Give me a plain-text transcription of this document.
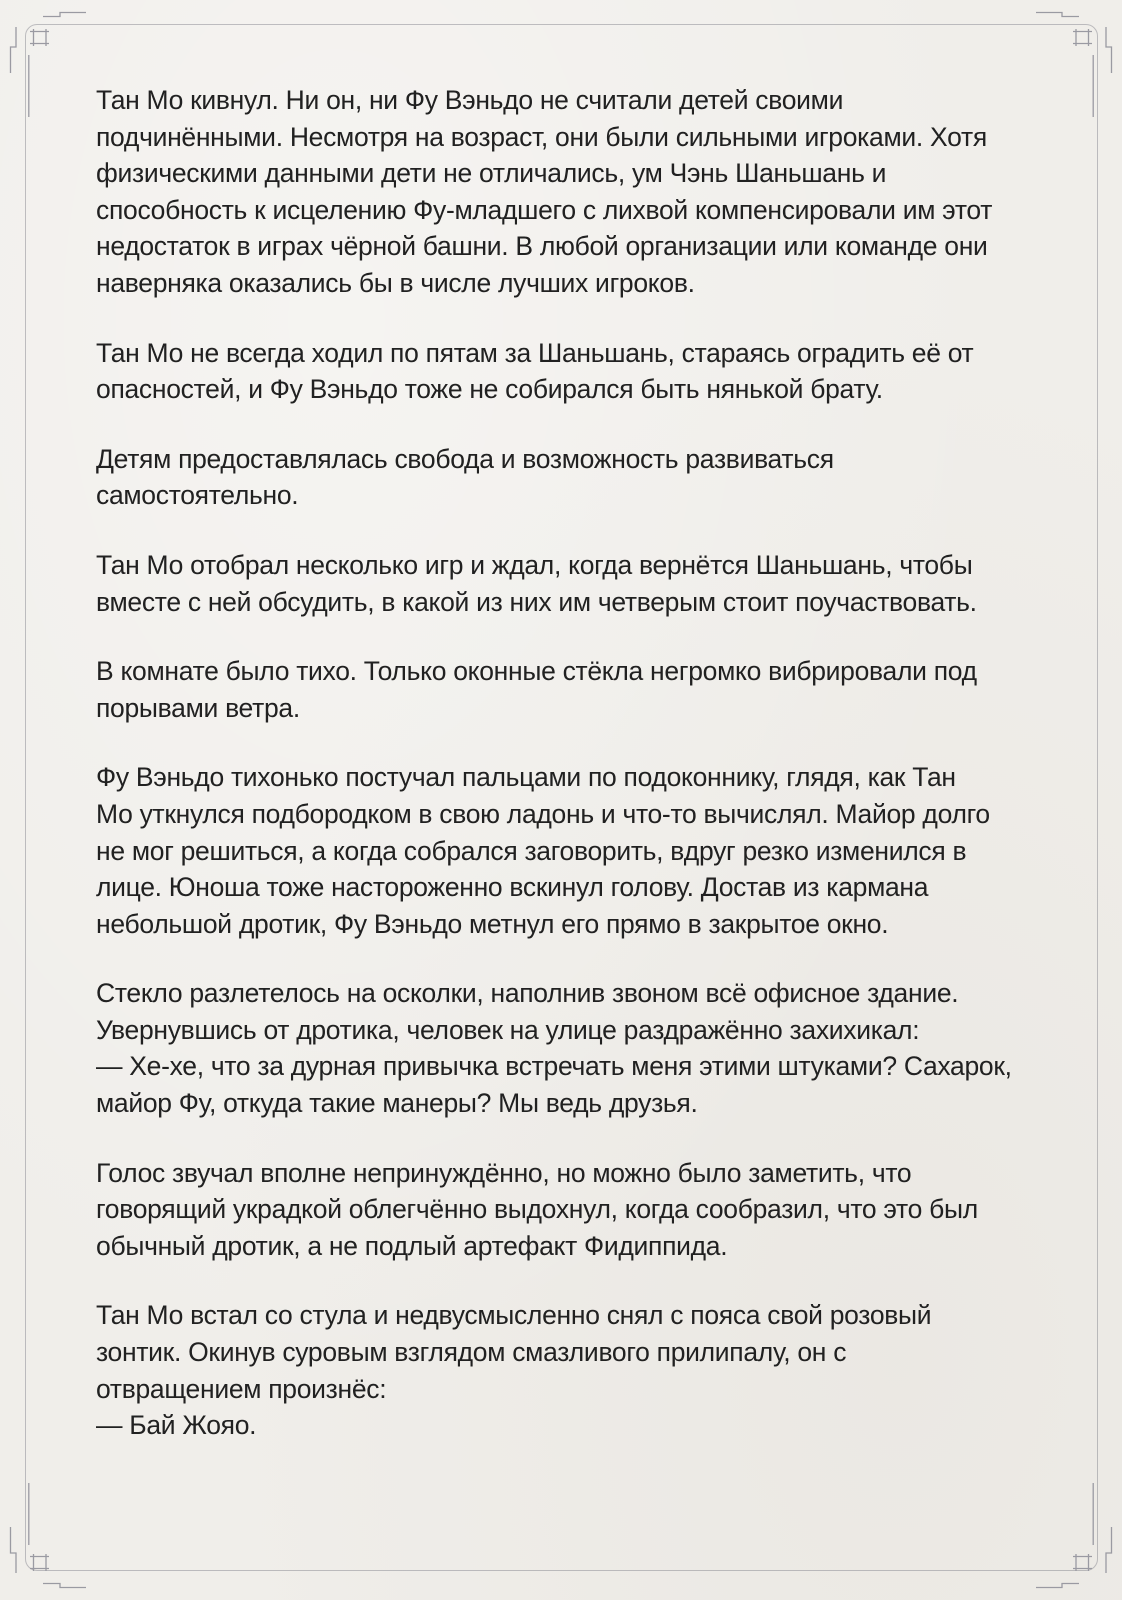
Тан Мо кивнул. Ни он, ни Фу Вэньдо не считали детей своими
подчинёнными. Несмотря на возраст, они были сильными игроками. Хотя
физическими данными дети не отличались, ум Чэнь Шаньшань и
способность к исцелению Фу-младшего с лихвой компенсировали им этот
недостаток в играх чёрной башни. В любой организации или команде они
наверняка оказались бы в числе лучших игроков.
Тан Мо не всегда ходил по пятам за Шаньшань, стараясь оградить её от
опасностей, и Фу Вэньдо тоже не собирался быть нянькой брату.
Детям предоставлялась свобода и возможность развиваться
самостоятельно.
Тан Мо отобрал несколько игр и ждал, когда вернётся Шаньшань, чтобы
вместе с ней обсудить, в какой из них им четверым стоит поучаствовать.
В комнате было тихо. Только оконные стёкла негромко вибрировали под
порывами ветра.
Фу Вэньдо тихонько постучал пальцами по подоконнику, глядя, как Тан
Мо уткнулся подбородком в свою ладонь и что-то вычислял. Майор долго
не мог решиться, а когда собрался заговорить, вдруг резко изменился в
лице. Юноша тоже настороженно вскинул голову. Достав из кармана
небольшой дротик, Фу Вэньдо метнул его прямо в закрытое окно.
Стекло разлетелось на осколки, наполнив звоном всё офисное здание.
Увернувшись от дротика, человек на улице раздражённо захихикал:
— Хе-хе, что за дурная привычка встречать меня этими штуками? Сахарок,
майор Фу, откуда такие манеры? Мы ведь друзья.
Голос звучал вполне непринуждённо, но можно было заметить, что
говорящий украдкой облегчённо выдохнул, когда сообразил, что это был
обычный дротик, а не подлый артефакт Фидиппида.
Тан Мо встал со стула и недвусмысленно снял с пояса свой розовый
зонтик. Окинув суровым взглядом смазливого прилипалу, он с
отвращением произнёс:
— Бай Жояо.
